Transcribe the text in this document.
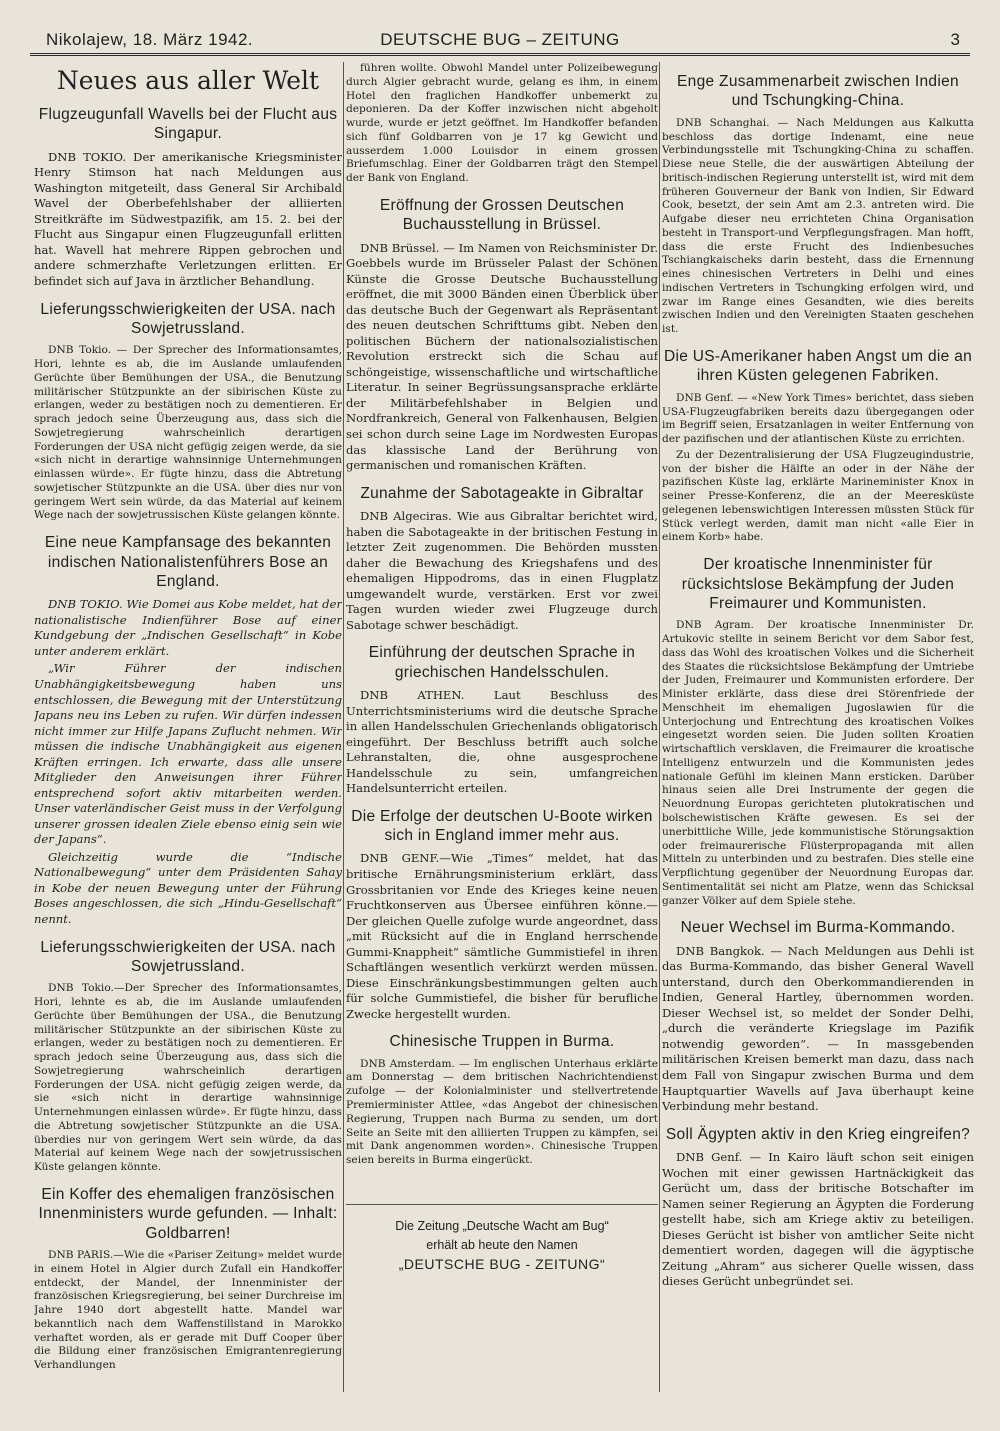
Nikolajew, 18. März 1942.	DEUTSCHE BUG – ZEITUNG	3
Neues aus aller Welt
Flugzeugunfall Wavells bei der Flucht aus Singapur.

DNB TOKIO. Der amerikanische Kriegsminister Henry Stimson hat nach Meldungen aus Washington mitgeteilt, dass General Sir Archibald Wavel der Oberbefehlshaber der alliierten Streitkräfte im Südwestpazifik, am 15. 2. bei der Flucht aus Singapur einen Flugzeugunfall erlitten hat. Wavell hat mehrere Rippen gebrochen und andere schmerzhafte Verletzungen erlitten. Er befindet sich auf Java in ärztlicher Behandlung.

Lieferungsschwierigkeiten der USA. nach Sowjetrussland.

DNB Tokio. — Der Sprecher des Informationsamtes, Hori, lehnte es ab, die im Auslande umlaufenden Gerüchte über Bemühungen der USA., die Benutzung militärischer Stützpunkte an der sibirischen Küste zu erlangen, weder zu bestätigen noch zu dementieren. Er sprach jedoch seine Überzeugung aus, dass sich die Sowjetregierung wahrscheinlich derartigen Forderungen der USA nicht gefügig zeigen werde, da sie «sich nicht in derartige wahnsinnige Unternehmungen einlassen würde». Er fügte hinzu, dass die Abtretung sowjetischer Stützpunkte an die USA. über dies nur von geringem Wert sein würde, da das Material auf keinem Wege nach der sowjetrussischen Küste gelangen könnte.

Eine neue Kampfansage des bekannten indischen Nationalistenführers Bose an England.

DNB TOKIO. Wie Domei aus Kobe meldet, hat der nationalistische Indienführer Bose auf einer Kundgebung der „Indischen Gesellschaft“ in Kobe unter anderem erklärt.

„Wir Führer der indischen Unabhängigkeitsbewegung haben uns entschlossen, die Bewegung mit der Unterstützung Japans neu ins Leben zu rufen. Wir dürfen indessen nicht immer zur Hilfe Japans Zuflucht nehmen. Wir müssen die indische Unabhängigkeit aus eigenen Kräften erringen. Ich erwarte, dass alle unsere Mitglieder den Anweisungen ihrer Führer entsprechend sofort aktiv mitarbeiten werden. Unser vaterländischer Geist muss in der Verfolgung unserer grossen idealen Ziele ebenso einig sein wie der Japans“.

Gleichzeitig wurde die “Indische Nationalbewegung“ unter dem Präsidenten Sahay in Kobe der neuen Bewegung unter der Führung Boses angeschlossen, die sich „Hindu-Gesellschaft“ nennt.

Lieferungsschwierigkeiten der USA. nach Sowjetrussland.

DNB Tokio.—Der Sprecher des Informationsamtes, Hori, lehnte es ab, die im Auslande umlaufenden Gerüchte über Bemühungen der USA., die Benutzung militärischer Stützpunkte an der sibirischen Küste zu erlangen, weder zu bestätigen noch zu dementieren. Er sprach jedoch seine Überzeugung aus, dass sich die Sowjetregierung wahrscheinlich derartigen Forderungen der USA. nicht gefügig zeigen werde, da sie «sich nicht in derartige wahnsinnige Unternehmungen einlassen würde». Er fügte hinzu, dass die Abtretung sowjetischer Stützpunkte an die USA. überdies nur von geringem Wert sein würde, da das Material auf keinem Wege nach der sowjetrussischen Küste gelangen könnte.

Ein Koffer des ehemaligen französischen Innenministers wurde gefunden. — Inhalt: Goldbarren!

DNB PARIS.—Wie die «Pariser Zeitung» meldet wurde in einem Hotel in Algier durch Zufall ein Handkoffer entdeckt, der Mandel, der Innenminister der französischen Kriegsregierung, bei seiner Durchreise im Jahre 1940 dort abgestellt hatte. Mandel war bekanntlich nach dem Waffenstillstand in Marokko verhaftet worden, als er gerade mit Duff Cooper über die Bildung einer französischen Emigrantenregierung Verhandlungen

führen wollte. Obwohl Mandel unter Polizeibewegung durch Algier gebracht wurde, gelang es ihm, in einem Hotel den fraglichen Handkoffer unbemerkt zu deponieren. Da der Koffer inzwischen nicht abgeholt wurde, wurde er jetzt geöffnet. Im Handkoffer befanden sich fünf Goldbarren von je 17 kg Gewicht und ausserdem 1.000 Louisdor in einem grossen Briefumschlag. Einer der Goldbarren trägt den Stempel der Bank von England.

Eröffnung der Grossen Deutschen Buchausstellung in Brüssel.

DNB Brüssel. — Im Namen von Reichsminister Dr. Goebbels wurde im Brüsseler Palast der Schönen Künste die Grosse Deutsche Buchausstellung eröffnet, die mit 3000 Bänden einen Überblick über das deutsche Buch der Gegenwart als Repräsentant des neuen deutschen Schrifttums gibt. Neben den politischen Büchern der nationalsozialistischen Revolution erstreckt sich die Schau auf schöngeistige, wissenschaftliche und wirtschaftliche Literatur. In seiner Begrüssungsansprache erklärte der Militärbefehlshaber in Belgien und Nordfrankreich, General von Falkenhausen, Belgien sei schon durch seine Lage im Nordwesten Europas das klassische Land der Berührung von germanischen und romanischen Kräften.

Zunahme der Sabotageakte in Gibraltar

DNB Algeciras. Wie aus Gibraltar berichtet wird, haben die Sabotageakte in der britischen Festung in letzter Zeit zugenommen. Die Behörden mussten daher die Bewachung des Kriegshafens und des ehemaligen Hippodroms, das in einen Flugplatz umgewandelt wurde, verstärken. Erst vor zwei Tagen wurden wieder zwei Flugzeuge durch Sabotage schwer beschädigt.

Einführung der deutschen Sprache in griechischen Handelsschulen.

DNB ATHEN. Laut Beschluss des Unterrichtsministeriums wird die deutsche Sprache in allen Handelsschulen Griechenlands obligatorisch eingeführt. Der Beschluss betrifft auch solche Lehranstalten, die, ohne ausgesprochene Handelsschule zu sein, umfangreichen Handelsunterricht erteilen.

Die Erfolge der deutschen U-Boote wirken sich in England immer mehr aus.

DNB GENF.—Wie „Times“ meldet, hat das britische Ernährungsministerium erklärt, dass Grossbritanien vor Ende des Krieges keine neuen Fruchtkonserven aus Übersee einführen könne.— Der gleichen Quelle zufolge wurde angeordnet, dass „mit Rücksicht auf die in England herrschende Gummi-Knappheit“ sämtliche Gummistiefel in ihren Schaftlängen wesentlich verkürzt werden müssen. Diese Einschränkungsbestimmungen gelten auch für solche Gummistiefel, die bisher für berufliche Zwecke hergestellt wurden.

Chinesische Truppen in Burma.

DNB Amsterdam. — Im englischen Unterhaus erklärte am Donnerstag — dem britischen Nachrichtendienst zufolge — der Kolonialminister und stellvertretende Premierminister Attlee, «das Angebot der chinesischen Regierung, Truppen nach Burma zu senden, um dort Seite an Seite mit den alliierten Truppen zu kämpfen, sei mit Dank angenommen worden». Chinesische Truppen seien bereits in Burma eingerückt.

Die Zeitung „Deutsche Wacht am Bug“
erhält ab heute den Namen
„DEUTSCHE BUG - ZEITUNG“
Enge Zusammenarbeit zwischen Indien und Tschungking-China.

DNB Schanghai. — Nach Meldungen aus Kalkutta beschloss das dortige Indenamt, eine neue Verbindungsstelle mit Tschungking-China zu schaffen. Diese neue Stelle, die der auswärtigen Abteilung der britisch-indischen Regierung unterstellt ist, wird mit dem früheren Gouverneur der Bank von Indien, Sir Edward Cook, besetzt, der sein Amt am 2.3. antreten wird. Die Aufgabe dieser neu errichteten China Organisation besteht in Transport-und Verpflegungsfragen. Man hofft, dass die erste Frucht des Indienbesuches Tschiangkaischeks darin besteht, dass die Ernennung eines chinesischen Vertreters in Delhi und eines indischen Vertreters in Tschungking erfolgen wird, und zwar im Range eines Gesandten, wie dies bereits zwischen Indien und den Vereinigten Staaten geschehen ist.

Die US-Amerikaner haben Angst um die an ihren Küsten gelegenen Fabriken.

DNB Genf. — «New York Times» berichtet, dass sieben USA-Flugzeugfabriken bereits dazu übergegangen oder im Begriff seien, Ersatzanlagen in weiter Entfernung von der pazifischen und der atlantischen Küste zu errichten.

Zu der Dezentralisierung der USA Flugzeugindustrie, von der bisher die Hälfte an oder in der Nähe der pazifischen Küste lag, erklärte Marineminister Knox in seiner Presse-Konferenz, die an der Meeresküste gelegenen lebenswichtigen Interessen müssten Stück für Stück verlegt werden, damit man nicht «alle Eier in einem Korb» habe.

Der kroatische Innenminister für rücksichtslose Bekämpfung der Juden Freimaurer und Kommunisten.

DNB Agram. Der kroatische Innenminister Dr. Artukovic stellte in seinem Bericht vor dem Sabor fest, dass das Wohl des kroatischen Volkes und die Sicherheit des Staates die rücksichtslose Bekämpfung der Umtriebe der Juden, Freimaurer und Kommunisten erfordere. Der Minister erklärte, dass diese drei Störenfriede der Menschheit im ehemaligen Jugoslawien für die Unterjochung und Entrechtung des kroatischen Volkes eingesetzt worden seien. Die Juden sollten Kroatien wirtschaftlich versklaven, die Freimaurer die kroatische Intelligenz entwurzeln und die Kommunisten jedes nationale Gefühl im kleinen Mann ersticken. Darüber hinaus seien alle Drei Instrumente der gegen die Neuordnung Europas gerichteten plutokratischen und bolschewistischen Kräfte gewesen. Es sei der unerbittliche Wille, jede kommunistische Störungsaktion oder freimaurerische Flüsterpropaganda mit allen Mitteln zu unterbinden und zu bestrafen. Dies stelle eine Verpflichtung gegenüber der Neuordnung Europas dar. Sentimentalität sei nicht am Platze, wenn das Schicksal ganzer Völker auf dem Spiele stehe.

Neuer Wechsel im Burma-Kommando.

DNB Bangkok. — Nach Meldungen aus Dehli ist das Burma-Kommando, das bisher General Wavell unterstand, durch den Oberkommandierenden in Indien, General Hartley, übernommen worden. Dieser Wechsel ist, so meldet der Sonder Delhi, „durch die veränderte Kriegslage im Pazifik notwendig geworden“. — In massgebenden militärischen Kreisen bemerkt man dazu, dass nach dem Fall von Singapur zwischen Burma und dem Hauptquartier Wavells auf Java überhaupt keine Verbindung mehr bestand.

Soll Ägypten aktiv in den Krieg eingreifen?

DNB Genf. — In Kairo läuft schon seit einigen Wochen mit einer gewissen Hartnäckigkeit das Gerücht um, dass der britische Botschafter im Namen seiner Regierung an Ägypten die Forderung gestellt habe, sich am Kriege aktiv zu beteiligen. Dieses Gerücht ist bisher von amtlicher Seite nicht dementiert worden, dagegen will die ägyptische Zeitung „Ahram“ aus sicherer Quelle wissen, dass dieses Gerücht unbegründet sei.
